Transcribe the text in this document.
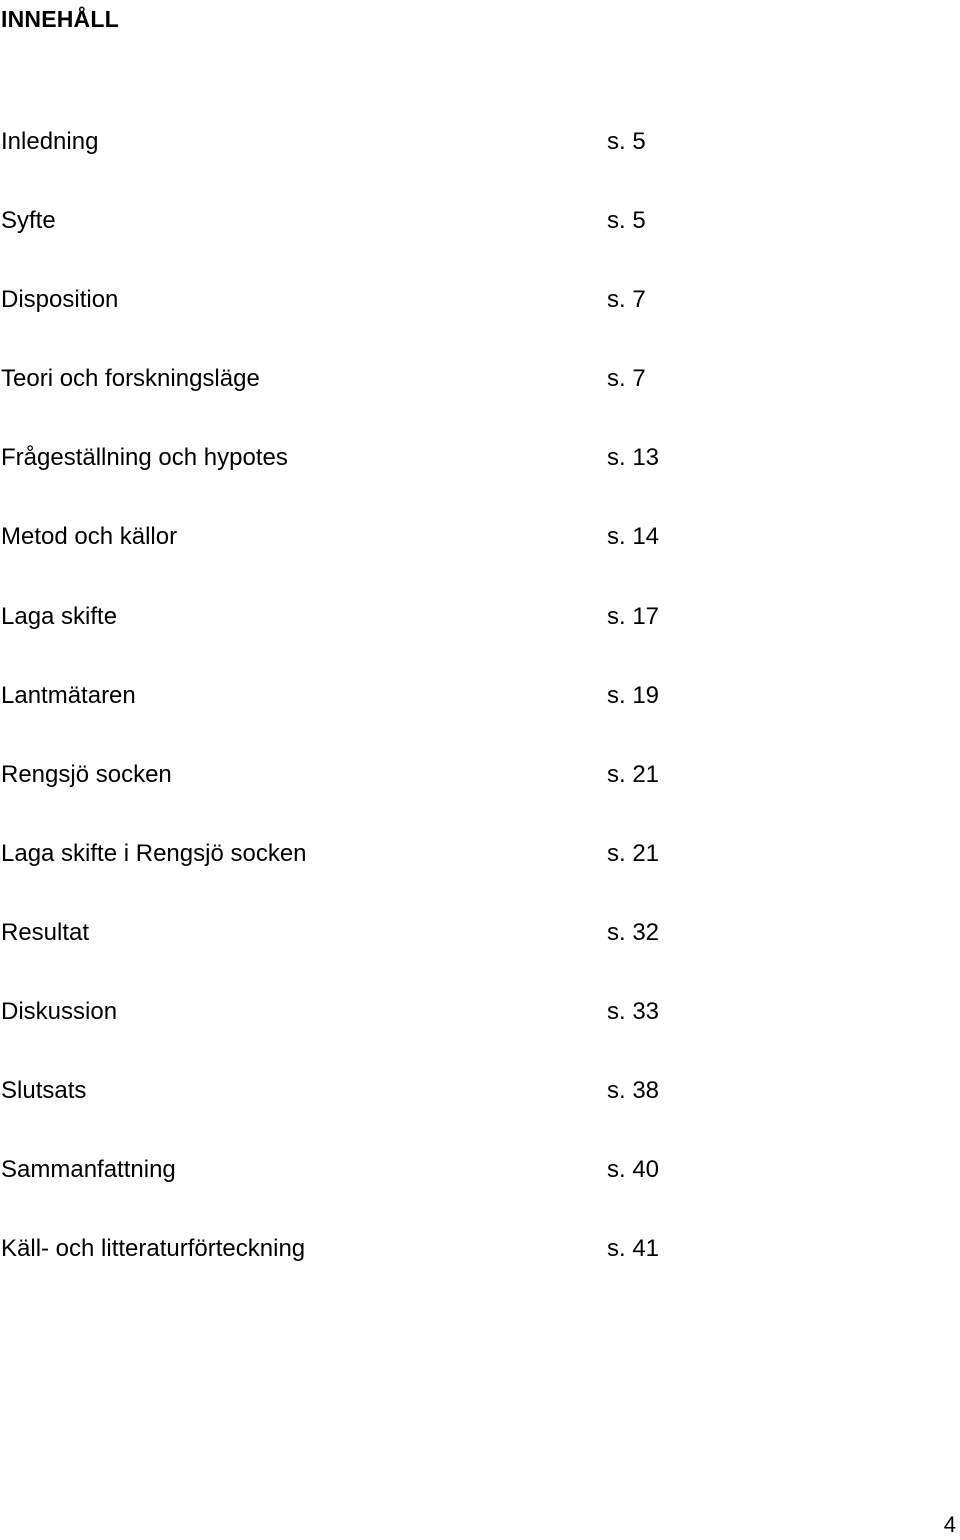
INNEHÅLL
Inledning	s. 5
Syfte	s. 5
Disposition	s. 7
Teori och forskningsläge	s. 7
Frågeställning och hypotes	s. 13
Metod och källor	s. 14
Laga skifte	s. 17
Lantmätaren	s. 19
Rengsjö socken	s. 21
Laga skifte i Rengsjö socken	s. 21
Resultat	s. 32
Diskussion	s. 33
Slutsats	s. 38
Sammanfattning	s. 40
Käll- och litteraturförteckning	s. 41
4
